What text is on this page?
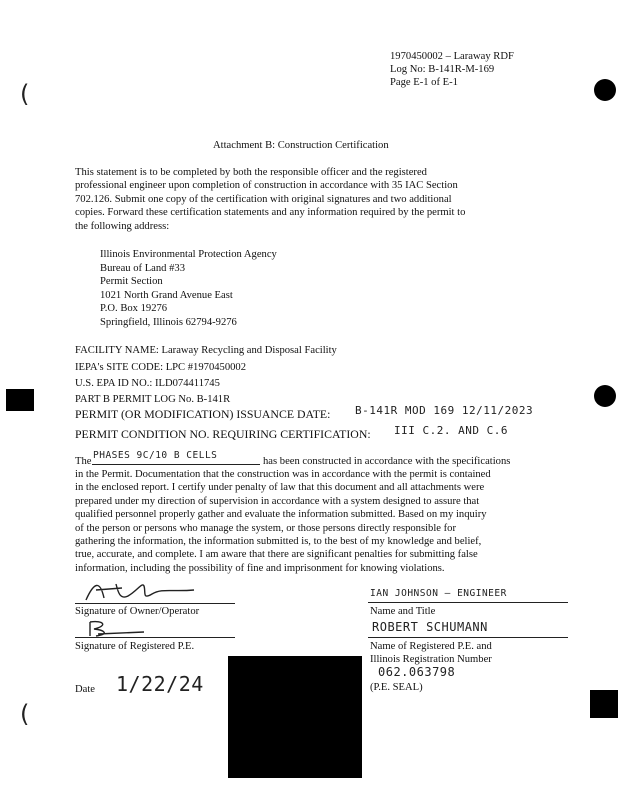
(
(
1970450002 – Laraway RDF
Log No: B-141R-M-169
Page E-1 of E-1
Attachment B: Construction Certification
This statement is to be completed by both the responsible officer and the registered
professional engineer upon completion of construction in accordance with 35 IAC Section
702.126. Submit one copy of the certification with original signatures and two additional
copies. Forward these certification statements and any information required by the permit to
the following address:
Illinois Environmental Protection Agency
Bureau of Land #33
Permit Section
1021 North Grand Avenue East
P.O. Box 19276
Springfield, Illinois 62794-9276
FACILITY NAME: Laraway Recycling and Disposal Facility
IEPA's SITE CODE: LPC #1970450002
U.S. EPA ID NO.: ILD074411745
PART B PERMIT LOG No. B-141R
PERMIT (OR MODIFICATION) ISSUANCE DATE: B-141R MOD 169 12/11/2023
PERMIT CONDITION NO. REQUIRING CERTIFICATION: III C.2. AND C.6
The
PHASES 9C/10 B CELLS
has been constructed in accordance with the specifications
in the Permit. Documentation that the construction was in accordance with the permit is contained
in the enclosed report. I certify under penalty of law that this document and all attachments were
prepared under my direction of supervision in accordance with a system designed to assure that
qualified personnel properly gather and evaluate the information submitted. Based on my inquiry
of the person or persons who manage the system, or those persons directly responsible for
gathering the information, the information submitted is, to the best of my knowledge and belief,
true, accurate, and complete. I am aware that there are significant penalties for submitting false
information, including the possibility of fine and imprisonment for knowing violations.
Signature of Owner/Operator
IAN JOHNSON – ENGINEER
Name and Title
Signature of Registered P.E.
ROBERT SCHUMANN
Name of Registered P.E. and
Illinois Registration Number
062.063798
(P.E. SEAL)
Date 1/22/24
